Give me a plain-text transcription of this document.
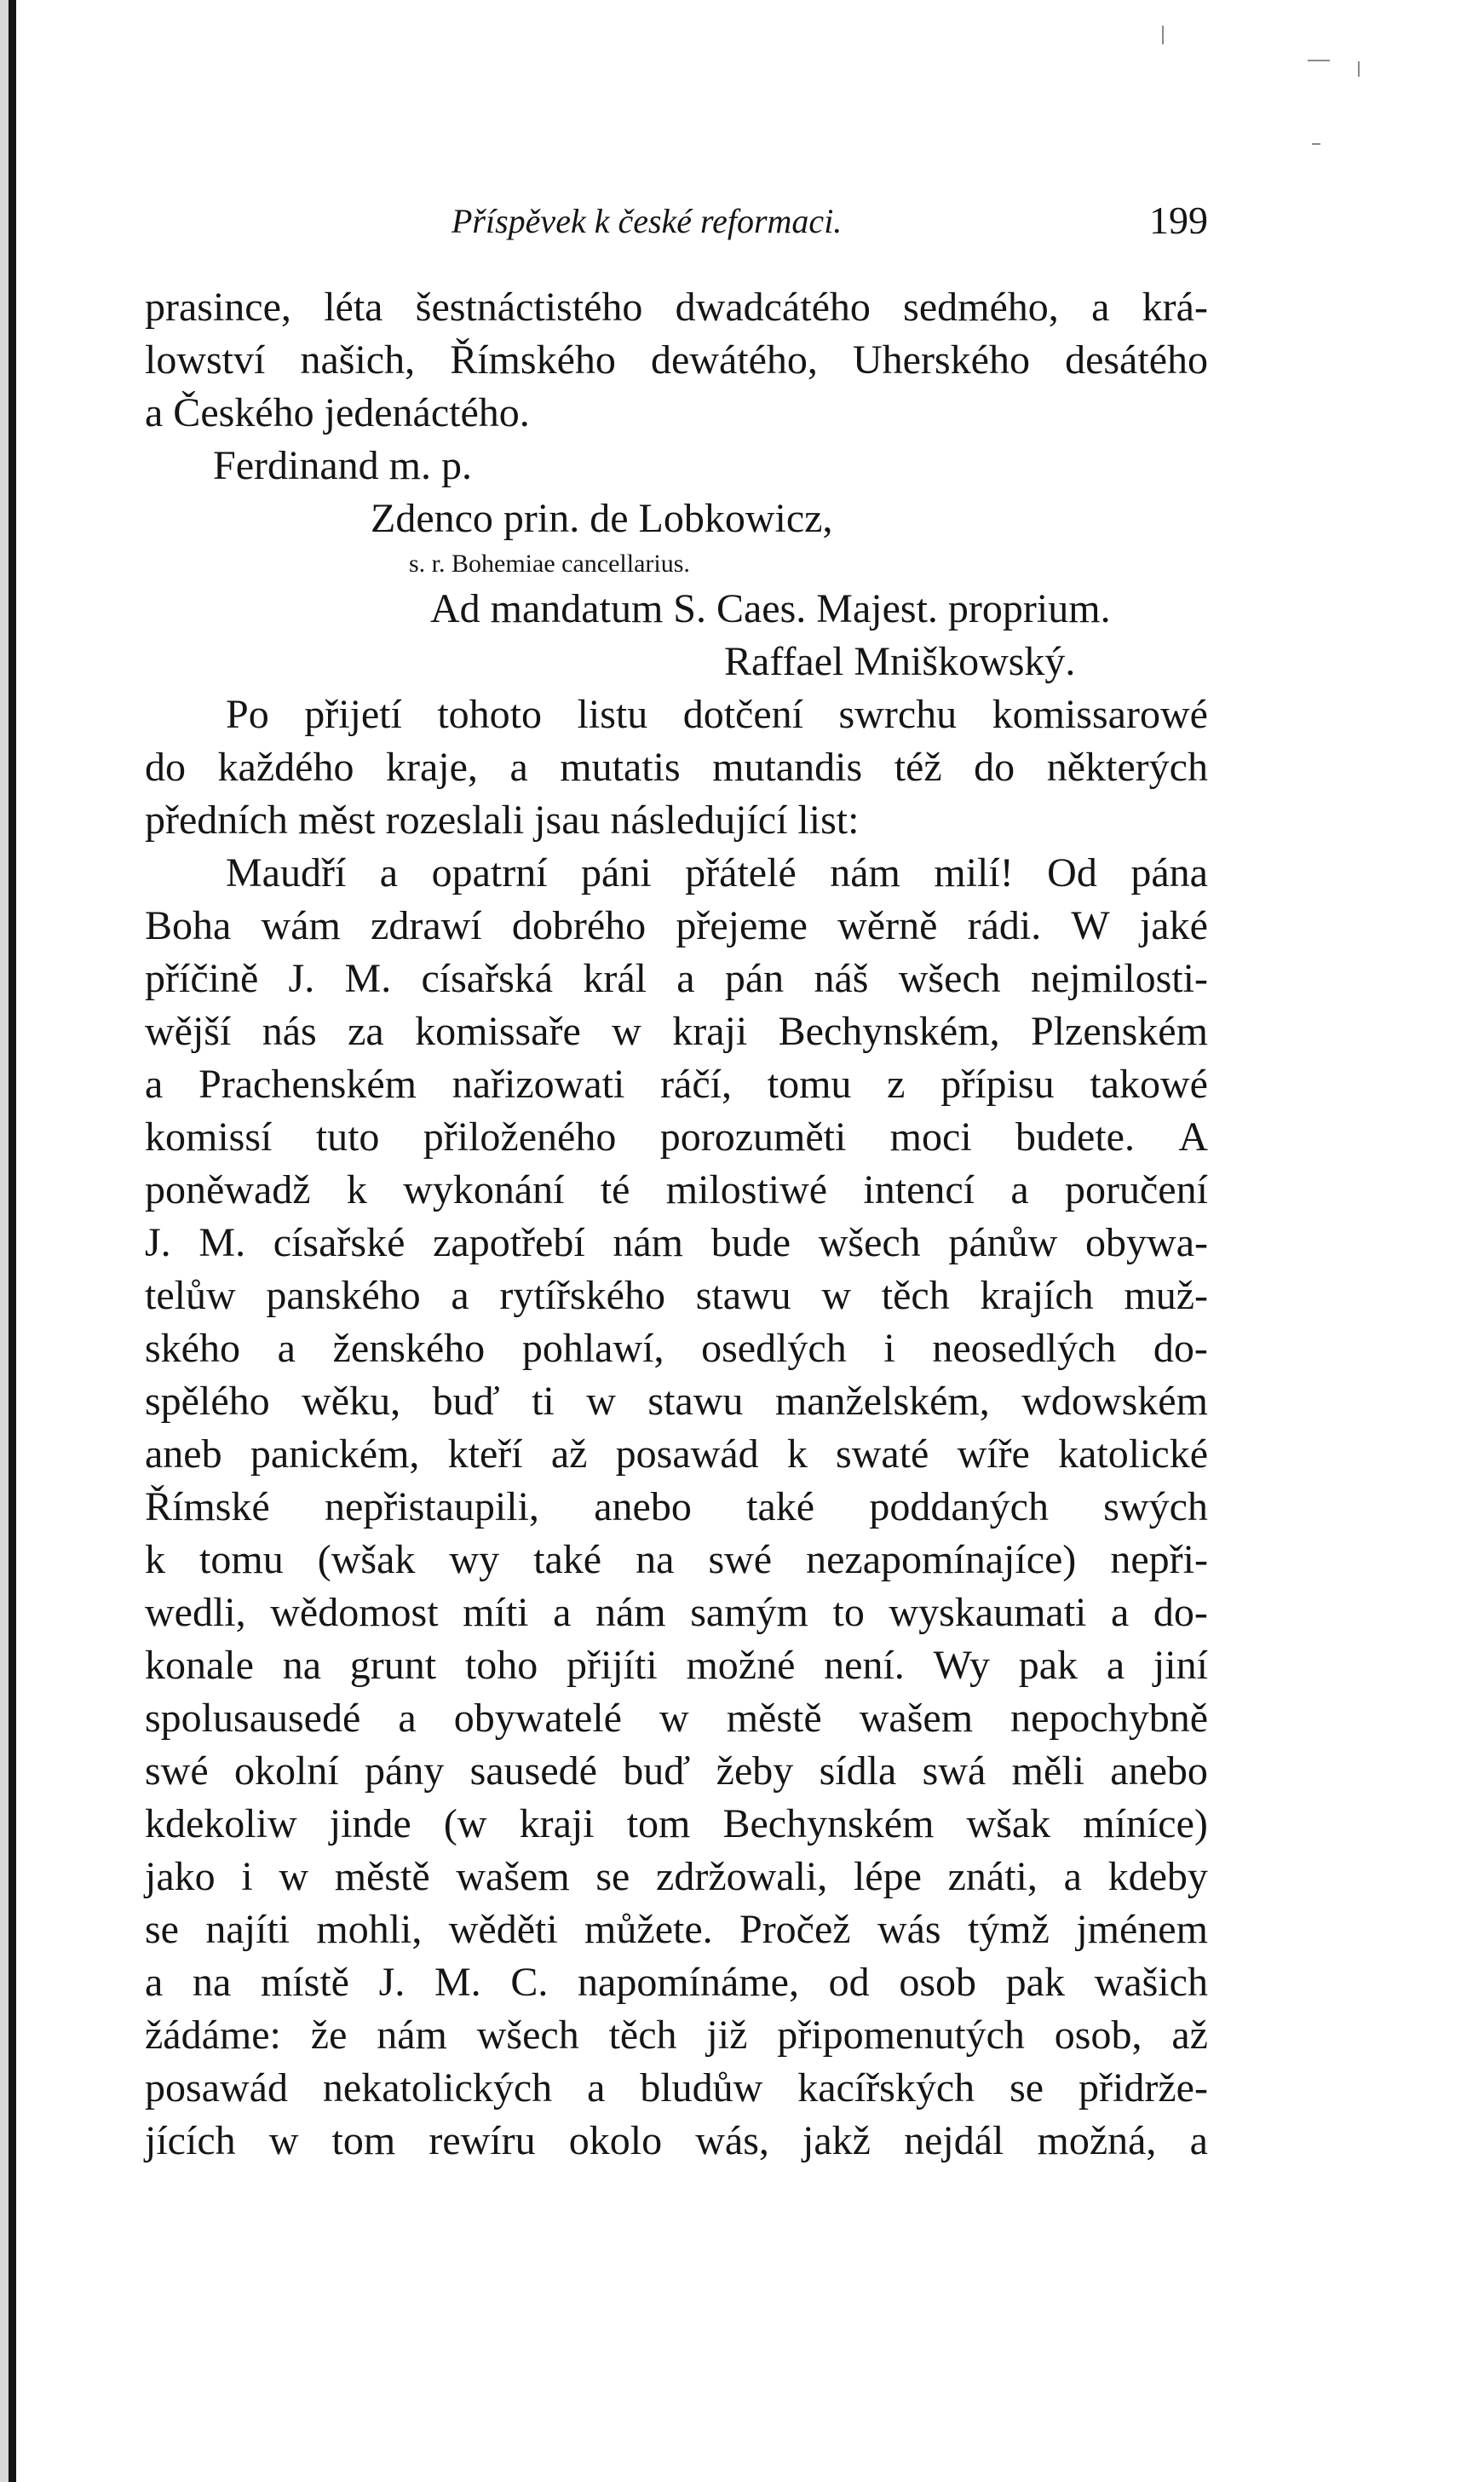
Příspěvek k české reformaci.	199
prasince, léta šestnáctistého dwadcátého sedmého, a krá-
lowství našich, Římského dewátého, Uherského desátého
a Českého jedenáctého.
Ferdinand m. p.
Zdenco prin. de Lobkowicz,
s. r. Bohemiae cancellarius.
Ad mandatum S. Caes. Majest. proprium.
Raffael Mniškowský.
Po přijetí tohoto listu dotčení swrchu komissarowé
do každého kraje, a mutatis mutandis též do některých
předních měst rozeslali jsau následující list:
Maudří a opatrní páni přátelé nám milí! Od pána
Boha wám zdrawí dobrého přejeme wěrně rádi. W jaké
příčině J. M. císařská král a pán náš wšech nejmilosti-
wější nás za komissaře w kraji Bechynském, Plzenském
a Prachenském nařizowati ráčí, tomu z přípisu takowé
komissí tuto přiloženého porozuměti moci budete. A
poněwadž k wykonání té milostiwé intencí a poručení
J. M. císařské zapotřebí nám bude wšech pánůw obywa-
telůw panského a rytířského stawu w těch krajích muž-
ského a ženského pohlawí, osedlých i neosedlých do-
spělého wěku, buď ti w stawu manželském, wdowském
aneb panickém, kteří až posawád k swaté wíře katolické
Římské nepřistaupili, anebo také poddaných swých
k tomu (wšak wy také na swé nezapomínajíce) nepři-
wedli, wědomost míti a nám samým to wyskaumati a do-
konale na grunt toho přijíti možné není. Wy pak a jiní
spolusausedé a obywatelé w městě wašem nepochybně
swé okolní pány sausedé buď žeby sídla swá měli anebo
kdekoliw jinde (w kraji tom Bechynském wšak míníce)
jako i w městě wašem se zdržowali, lépe znáti, a kdeby
se najíti mohli, wěděti můžete. Pročež wás týmž jménem
a na místě J. M. C. napomínáme, od osob pak wašich
žádáme: že nám wšech těch již připomenutých osob, až
posawád nekatolických a bludůw kacířských se přidrže-
jících w tom rewíru okolo wás, jakž nejdál možná, a
